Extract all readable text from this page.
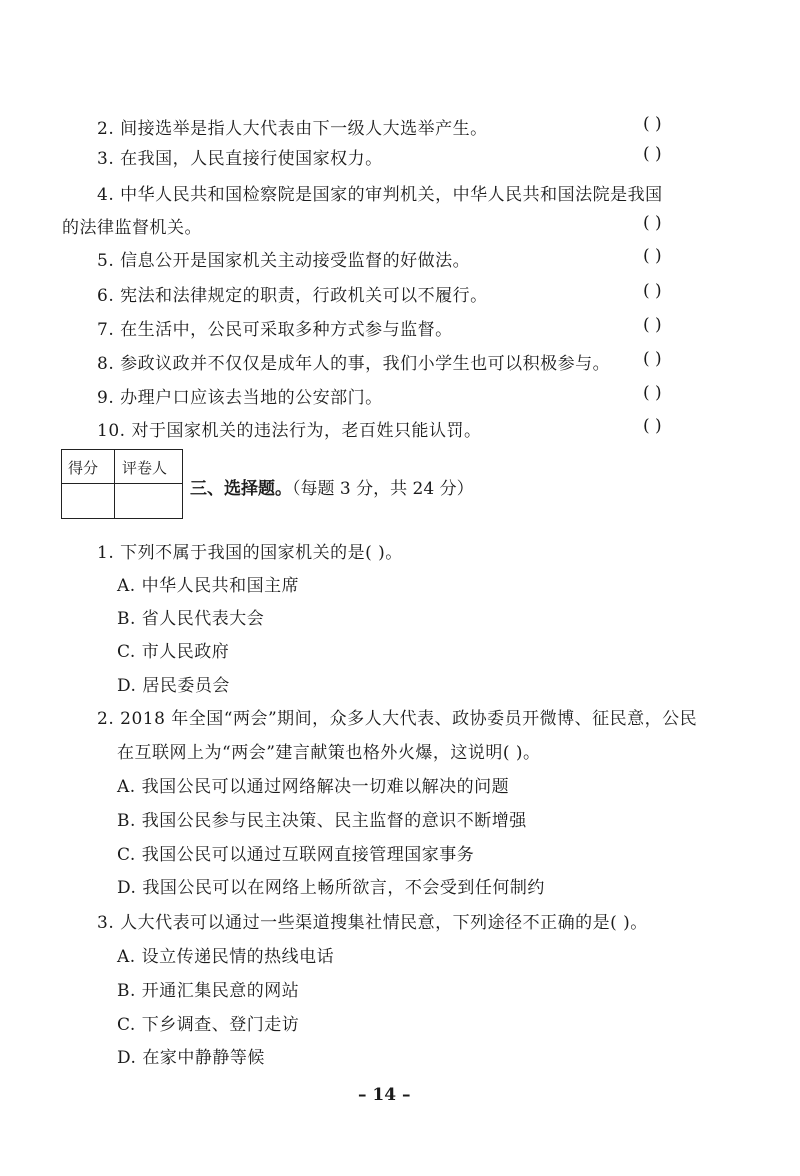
2. 间接选举是指人大代表由下一级人大选举产生。	( )
3. 在我国，人民直接行使国家权力。	( )
4. 中华人民共和国检察院是国家的审判机关，中华人民共和国法院是我国
的法律监督机关。	( )
5. 信息公开是国家机关主动接受监督的好做法。	( )
6. 宪法和法律规定的职责，行政机关可以不履行。	( )
7. 在生活中，公民可采取多种方式参与监督。	( )
8. 参政议政并不仅仅是成年人的事，我们小学生也可以积极参与。 ( )
9. 办理户口应该去当地的公安部门。	( )
10. 对于国家机关的违法行为，老百姓只能认罚。	( )
得分 评卷人
三、选择题。（每题 3 分，共 24 分）
1. 下列不属于我国的国家机关的是( )。
A. 中华人民共和国主席
B. 省人民代表大会
C. 市人民政府
D. 居民委员会
2. 2018 年全国“两会”期间，众多人大代表、政协委员开微博、征民意，公民
在互联网上为“两会”建言献策也格外火爆，这说明( )。
A. 我国公民可以通过网络解决一切难以解决的问题
B. 我国公民参与民主决策、民主监督的意识不断增强
C. 我国公民可以通过互联网直接管理国家事务
D. 我国公民可以在网络上畅所欲言，不会受到任何制约
3. 人大代表可以通过一些渠道搜集社情民意，下列途径不正确的是( )。
A. 设立传递民情的热线电话
B. 开通汇集民意的网站
C. 下乡调查、登门走访
D. 在家中静静等候
– 14 –
